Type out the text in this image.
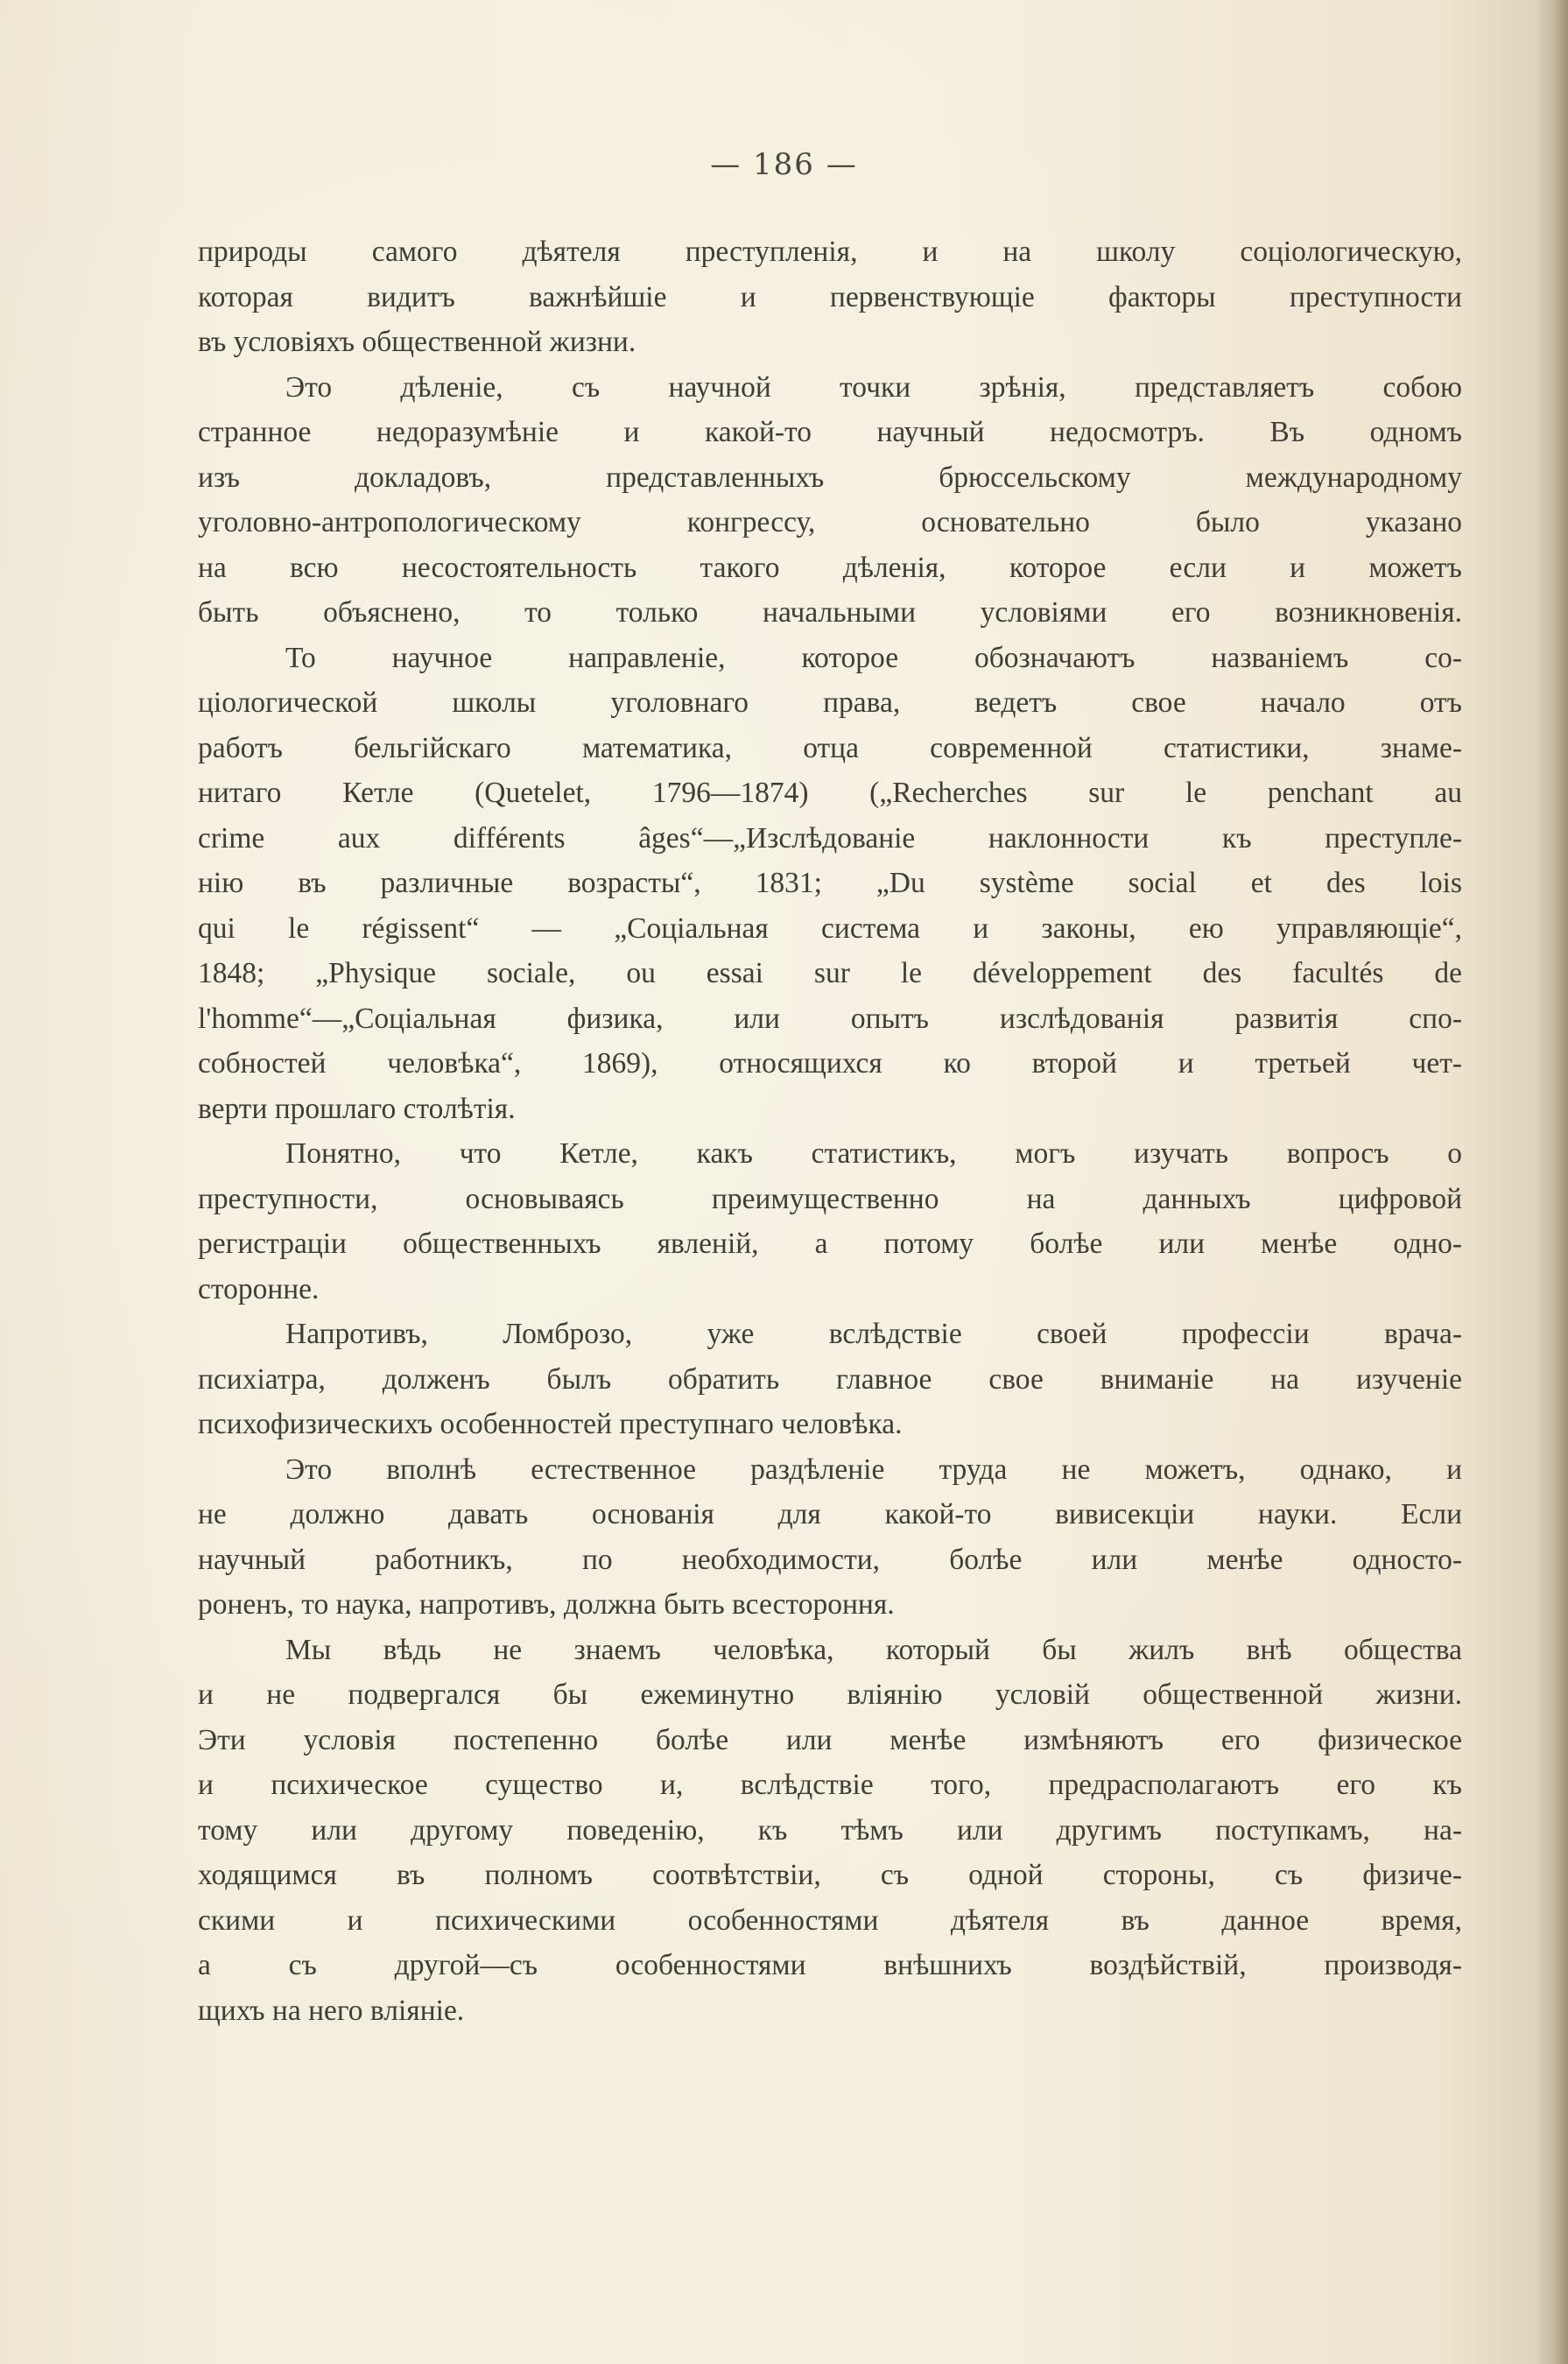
— 186 —
природы самого дѣятеля преступленія, и на школу соціологическую,
которая видитъ важнѣйшіе и первенствующіе факторы преступности
въ условіяхъ общественной жизни.
Это дѣленіе, съ научной точки зрѣнія, представляетъ собою
странное недоразумѣніе и какой-то научный недосмотръ. Въ одномъ
изъ докладовъ, представленныхъ брюссельскому международному
уголовно-антропологическому конгрессу, основательно было указано
на всю несостоятельность такого дѣленія, которое если и можетъ
быть объяснено, то только начальными условіями его возникновенія.
То научное направленіе, которое обозначаютъ названіемъ со-
ціологической школы уголовнаго права, ведетъ свое начало отъ
работъ бельгійскаго математика, отца современной статистики, знаме-
нитаго Кетле (Quetelet, 1796—1874) („Recherches sur le penchant au
crime aux différents âges“—„Изслѣдованіе наклонности къ преступле-
нію въ различные возрасты“, 1831; „Du système social et des lois
qui le régissent“ — „Соціальная система и законы, ею управляющіе“,
1848; „Physique sociale, ou essai sur le développement des facultés de
l'homme“—„Соціальная физика, или опытъ изслѣдованія развитія спо-
собностей человѣка“, 1869), относящихся ко второй и третьей чет-
верти прошлаго столѣтія.
Понятно, что Кетле, какъ статистикъ, могъ изучать вопросъ о
преступности, основываясь преимущественно на данныхъ цифровой
регистраціи общественныхъ явленій, а потому болѣе или менѣе одно-
сторонне.
Напротивъ, Ломброзо, уже вслѣдствіе своей профессіи врача-
психіатра, долженъ былъ обратить главное свое вниманіе на изученіе
психофизическихъ особенностей преступнаго человѣка.
Это вполнѣ естественное раздѣленіе труда не можетъ, однако, и
не должно давать основанія для какой-то вивисекціи науки. Если
научный работникъ, по необходимости, болѣе или менѣе односто-
роненъ, то наука, напротивъ, должна быть всестороння.
Мы вѣдь не знаемъ человѣка, который бы жилъ внѣ общества
и не подвергался бы ежеминутно вліянію условій общественной жизни.
Эти условія постепенно болѣе или менѣе измѣняютъ его физическое
и психическое существо и, вслѣдствіе того, предрасполагаютъ его къ
тому или другому поведенію, къ тѣмъ или другимъ поступкамъ, на-
ходящимся въ полномъ соотвѣтствіи, съ одной стороны, съ физиче-
скими и психическими особенностями дѣятеля въ данное время,
а съ другой—съ особенностями внѣшнихъ воздѣйствій, производя-
щихъ на него вліяніе.
